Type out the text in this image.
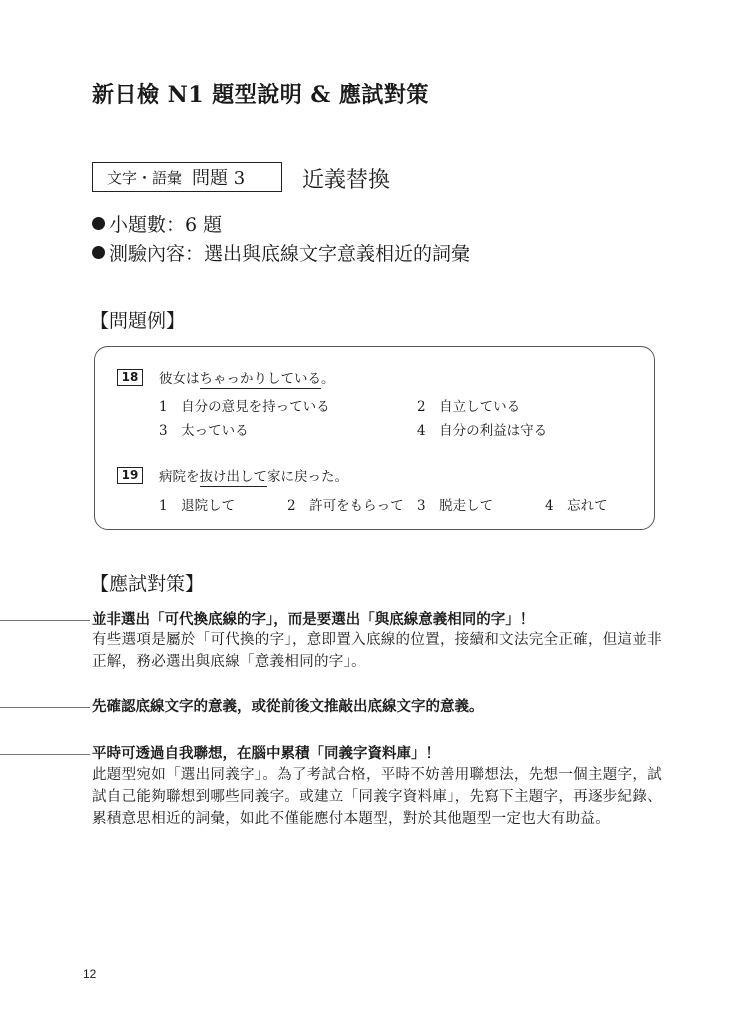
新日檢 N1 題型說明 & 應試對策
文字・語彙 問題 3	近義替換
小題數：6 題
測驗內容：選出與底線文字意義相近的詞彙
【問題例】
18	彼女はちゃっかりしている。
1　 自分の意見を持っている	2　 自立している
3　 太っている	4　 自分の利益は守る
19	病院を抜け出して家に戻った。
1　 退院して	2　 許可をもらって 3　 脱走して	4　 忘れて
【應試對策】
並非選出「可代換底線的字」，而是要選出「與底線意義相同的字」！
有些選項是屬於「可代換的字」，意即置入底線的位置，接續和文法完全正確，但這並非正解，務必選出與底線「意義相同的字」。
先確認底線文字的意義，或從前後文推敲出底線文字的意義。
平時可透過自我聯想，在腦中累積「同義字資料庫」！
此題型宛如「選出同義字」。為了考試合格，平時不妨善用聯想法，先想一個主題字，試試自己能夠聯想到哪些同義字。或建立「同義字資料庫」，先寫下主題字，再逐步紀錄、累積意思相近的詞彙，如此不僅能應付本題型，對於其他題型一定也大有助益。
12
